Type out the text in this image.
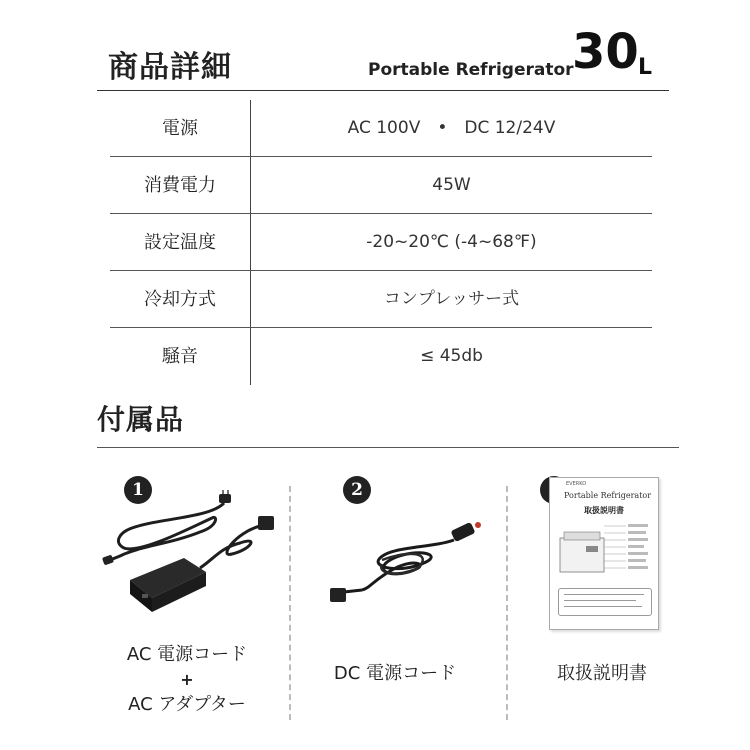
商品詳細	Portable Refrigerator
30 L
電源	AC 100V　•　DC 12/24V
消費電力	45W
設定温度	-20~20℃ (-4~68℉)
冷却方式	コンプレッサー式
騒音	≤ 45db
付属品
1
AC 電源コード
+
AC アダプター
2
DC 電源コード
EVERKO
Portable Refrigerator
取扱説明書
取扱説明書
